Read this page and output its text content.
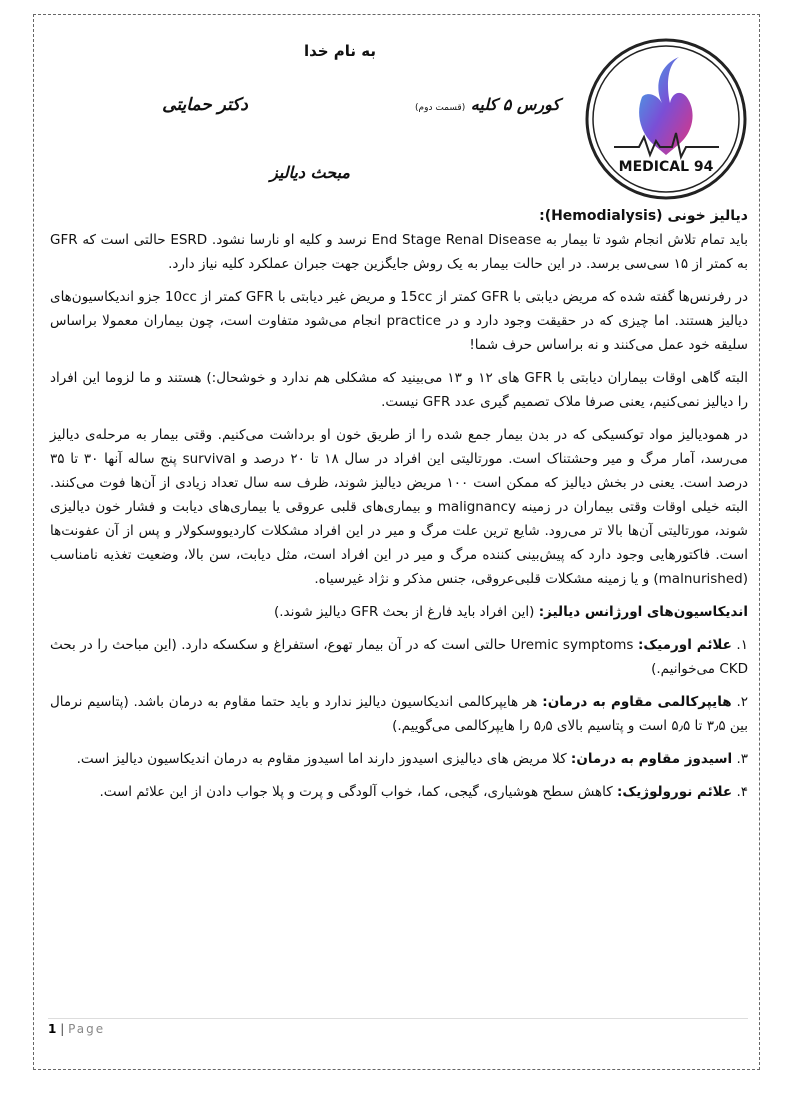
به نام خدا
دکتر حمایتی	کورس ۵ کلیه (قسمت دوم)
مبحث دیالیز	MEDICAL 94
دیالیز خونی (Hemodialysis):

باید تمام تلاش انجام شود تا بیمار به End Stage Renal Disease نرسد و کلیه او نارسا نشود. ESRD حالتی است که GFR به کمتر از ۱۵ سی‌سی برسد. در این حالت بیمار به یک روش جایگزین جهت جبران عملکرد کلیه نیاز دارد.

در رفرنس‌ها گفته شده که مریض دیابتی با GFR کمتر از 15cc و مریض غیر دیابتی با GFR کمتر از 10cc جزو اندیکاسیون‌های دیالیز هستند. اما چیزی که در حقیقت وجود دارد و در practice انجام می‌شود متفاوت است، چون بیماران معمولا براساس سلیقه خود عمل می‌کنند و نه براساس حرف شما!

البته گاهی اوقات بیماران دیابتی با GFR های ۱۲ و ۱۳ می‌بینید که مشکلی هم ندارد و خوشحال:) هستند و ما لزوما این افراد را دیالیز نمی‌کنیم، یعنی صرفا ملاک تصمیم گیری عدد GFR نیست.

در همودیالیز مواد توکسیکی که در بدن بیمار جمع شده را از طریق خون او برداشت می‌کنیم. وقتی بیمار به مرحله‌ی دیالیز می‌رسد، آمار مرگ و میر وحشتناک است. مورتالیتی این افراد در سال ۱۸ تا ۲۰ درصد و survival پنج ساله آنها ۳۰ تا ۳۵ درصد است. یعنی در بخش دیالیز که ممکن است ۱۰۰ مریض دیالیز شوند، ظرف سه سال تعداد زیادی از آن‌ها فوت می‌کنند. البته خیلی اوقات وقتی بیماران در زمینه malignancy و بیماری‌های قلبی عروقی یا بیماری‌های دیابت و فشار خون دیالیزی شوند، مورتالیتی آن‌ها بالا تر می‌رود. شایع ترین علت مرگ و میر در این افراد مشکلات کاردیووسکولار و پس از آن عفونت‌ها است. فاکتورهایی وجود دارد که پیش‌بینی کننده مرگ و میر در این افراد است، مثل دیابت، سن بالا، وضعیت تغذیه نامناسب (malnurished) و یا زمینه مشکلات قلبی‌عروقی، جنس مذکر و نژاد غیرسیاه.

اندیکاسیون‌های اورژانس دیالیز: (این افراد باید فارغ از بحث GFR دیالیز شوند.)

۱. علائم اورمیک: Uremic symptoms حالتی است که در آن بیمار تهوع، استفراغ و سکسکه دارد. (این مباحث را در بحث CKD می‌خوانیم.)

۲. هایپرکالمی مقاوم به درمان: هر هایپرکالمی اندیکاسیون دیالیز ندارد و باید حتما مقاوم به درمان باشد. (پتاسیم نرمال بین ۳٫۵ تا ۵٫۵ است و پتاسیم بالای ۵٫۵ را هایپرکالمی می‌گوییم.)

۳. اسیدوز مقاوم به درمان: کلا مریض های دیالیزی اسیدوز دارند اما اسیدوز مقاوم به درمان اندیکاسیون دیالیز است.

۴. علائم نورولوژیک: کاهش سطح هوشیاری، گیجی، کما، خواب آلودگی و پرت و پلا جواب دادن از این علائم است.

1 | Page
